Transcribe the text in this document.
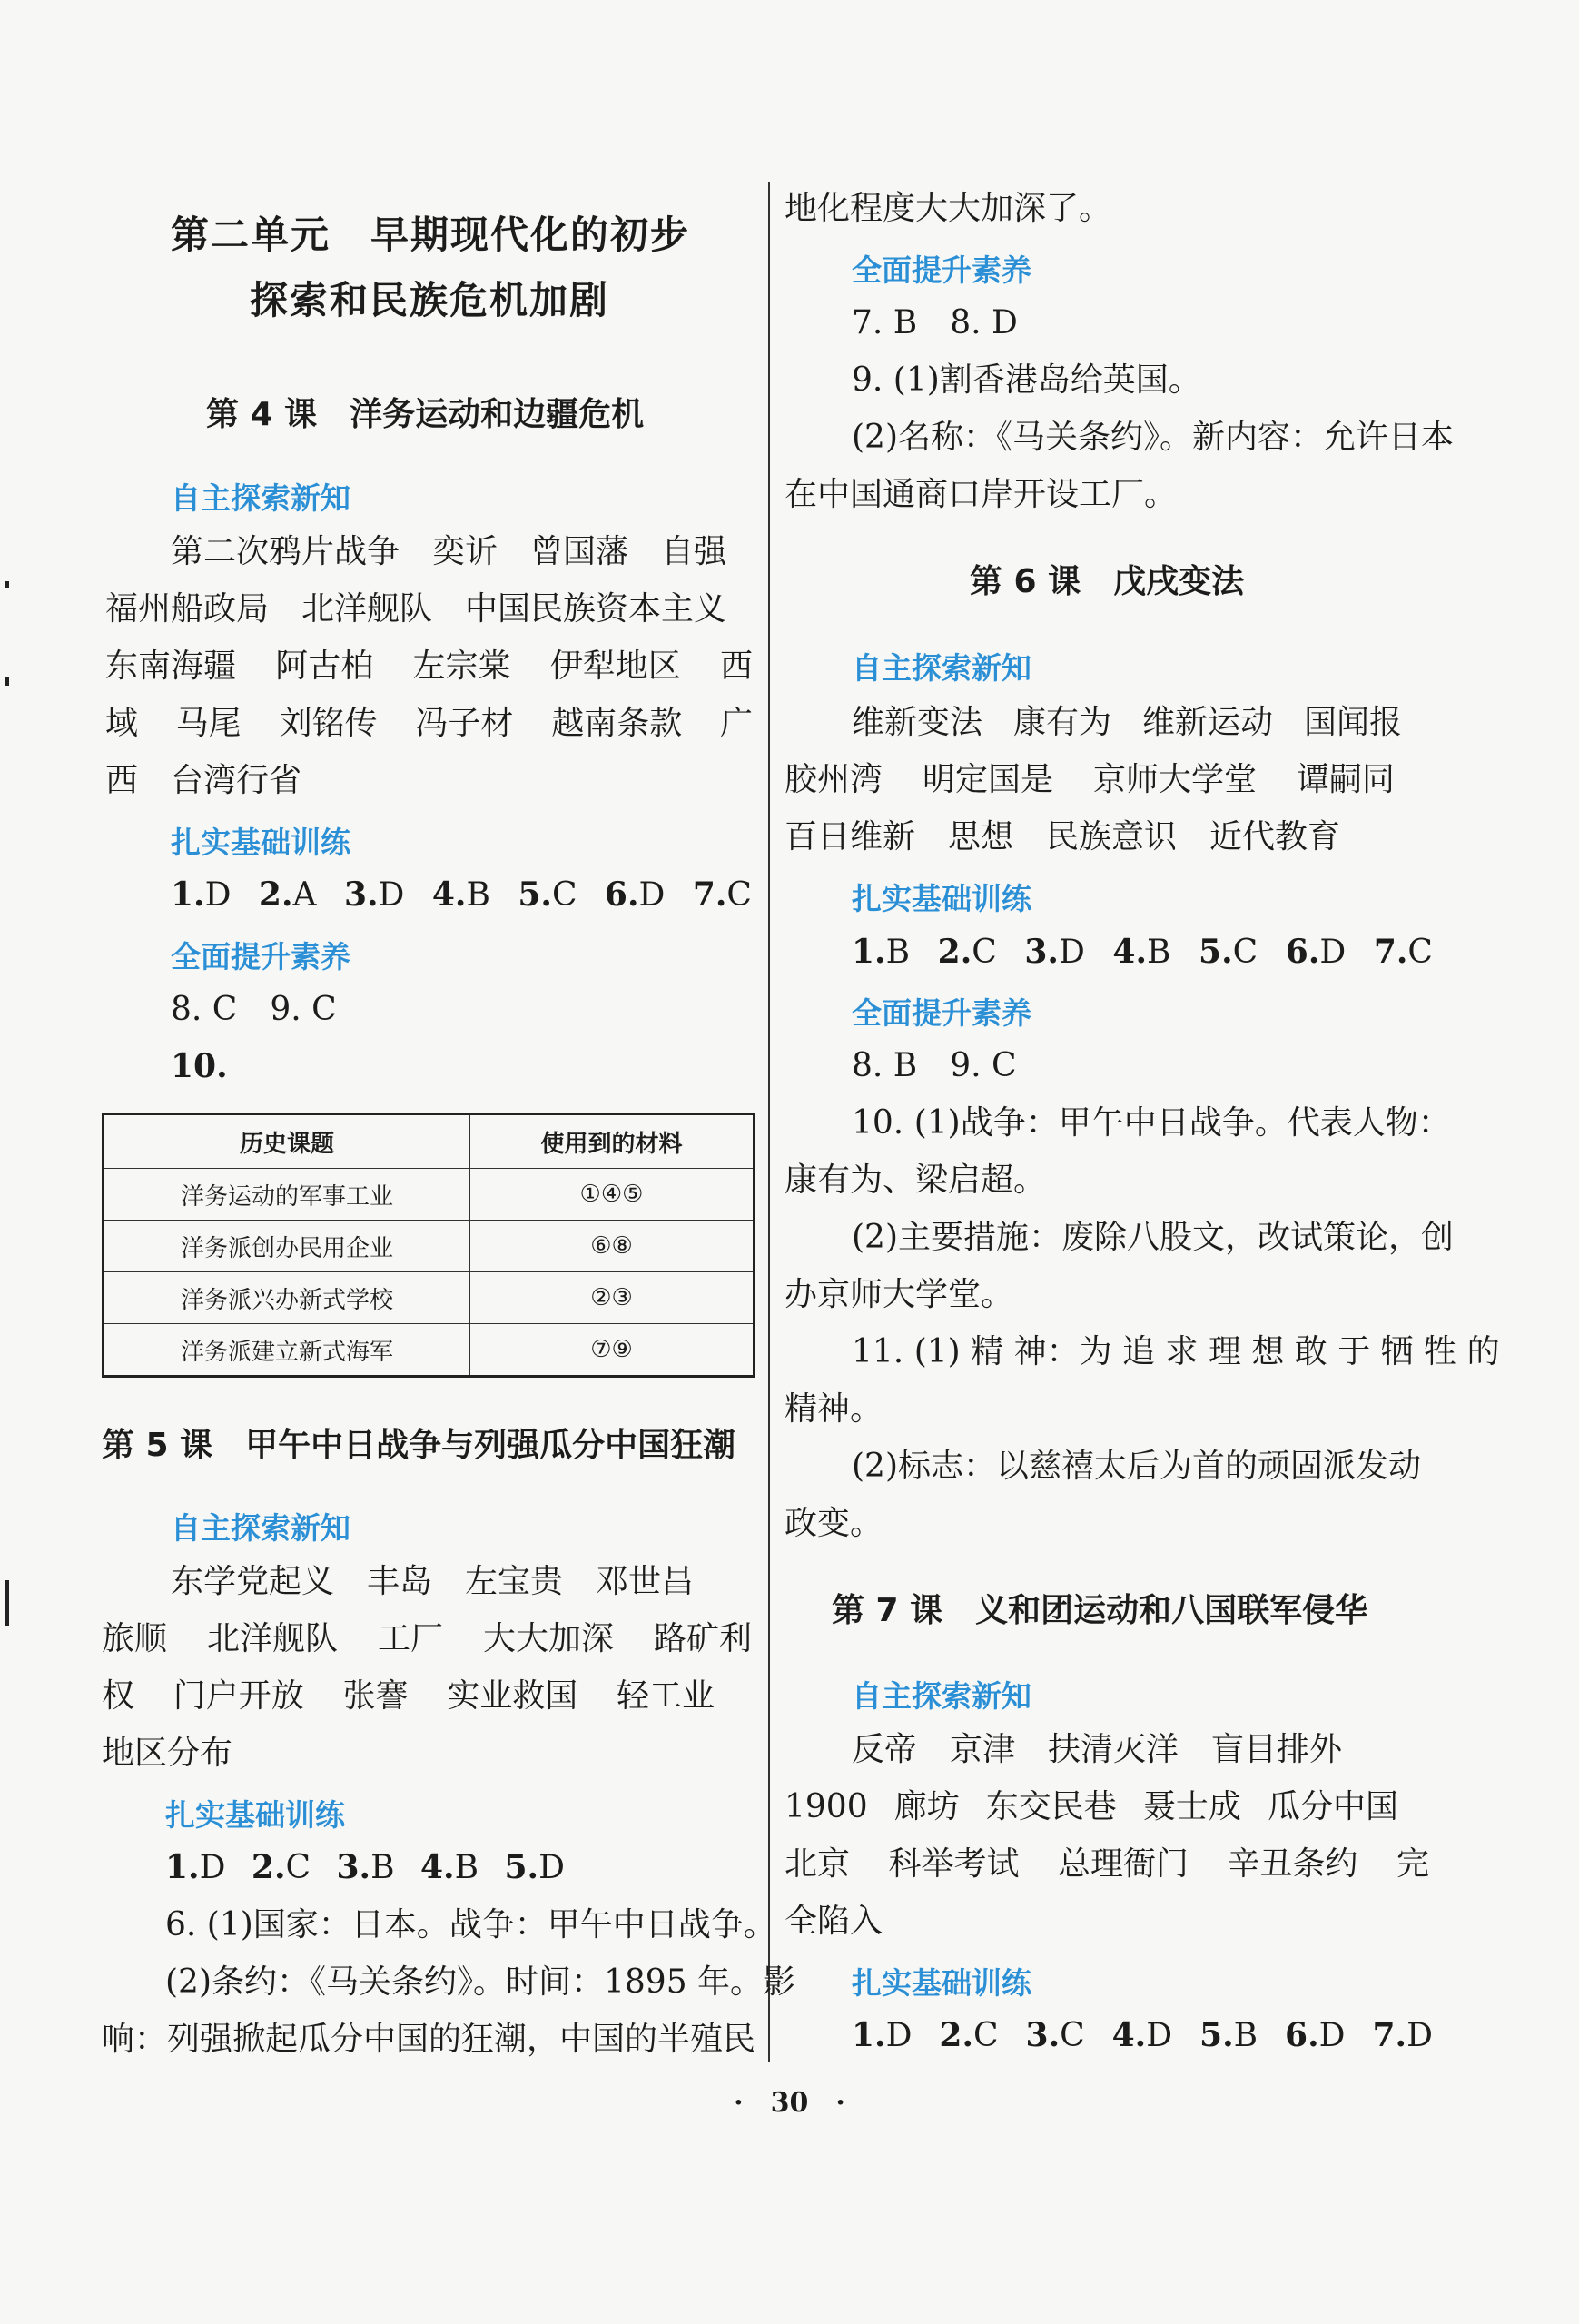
第二单元　早期现代化的初步
探索和民族危机加剧
第 4 课　洋务运动和边疆危机
自主探索新知
第二次鸦片战争　奕䜣　曾国藩　自强
福州船政局　北洋舰队　中国民族资本主义
东南海疆 阿古柏 左宗棠 伊犁地区 西
域 马尾 刘铭传 冯子材 越南条款 广
西　台湾行省
扎实基础训练
1.D 2.A 3.D 4.B 5.C 6.D 7.C
全面提升素养
8. C　9. C
10.
历史课题	使用到的材料
洋务运动的军事工业	①④⑤
洋务派创办民用企业	⑥⑧
洋务派兴办新式学校	②③
洋务派建立新式海军	⑦⑨
第 5 课　甲午中日战争与列强瓜分中国狂潮
自主探索新知
东学党起义　丰岛　左宝贵　邓世昌
旅顺 北洋舰队 工厂 大大加深 路矿利
权 门户开放 张謇 实业救国 轻工业
地区分布
扎实基础训练
1.D 2.C 3.B 4.B 5.D
6. (1)国家：日本。战争：甲午中日战争。
(2)条约：《马关条约》。时间：1895 年。影
响：列强掀起瓜分中国的狂潮，中国的半殖民
地化程度大大加深了。
全面提升素养
7. B　8. D
9. (1)割香港岛给英国。
(2)名称：《马关条约》。新内容：允许日本
在中国通商口岸开设工厂。
第 6 课　戊戌变法
自主探索新知
维新变法 康有为 维新运动 国闻报
胶州湾 明定国是 京师大学堂 谭嗣同
百日维新　思想　民族意识　近代教育
扎实基础训练
1.B 2.C 3.D 4.B 5.C 6.D 7.C
全面提升素养
8. B　9. C
10. (1)战争：甲午中日战争。代表人物：
康有为、梁启超。
(2)主要措施：废除八股文，改试策论，创
办京师大学堂。
11. (1) 精 神：为 追 求 理 想 敢 于 牺 牲 的
精神。
(2)标志：以慈禧太后为首的顽固派发动
政变。
第 7 课　义和团运动和八国联军侵华
自主探索新知
反帝　京津　扶清灭洋　盲目排外
1900 廊坊 东交民巷 聂士成 瓜分中国
北京 科举考试 总理衙门 辛丑条约 完
全陷入
扎实基础训练
1.D 2.C 3.C 4.D 5.B 6.D 7.D
·　30　·
